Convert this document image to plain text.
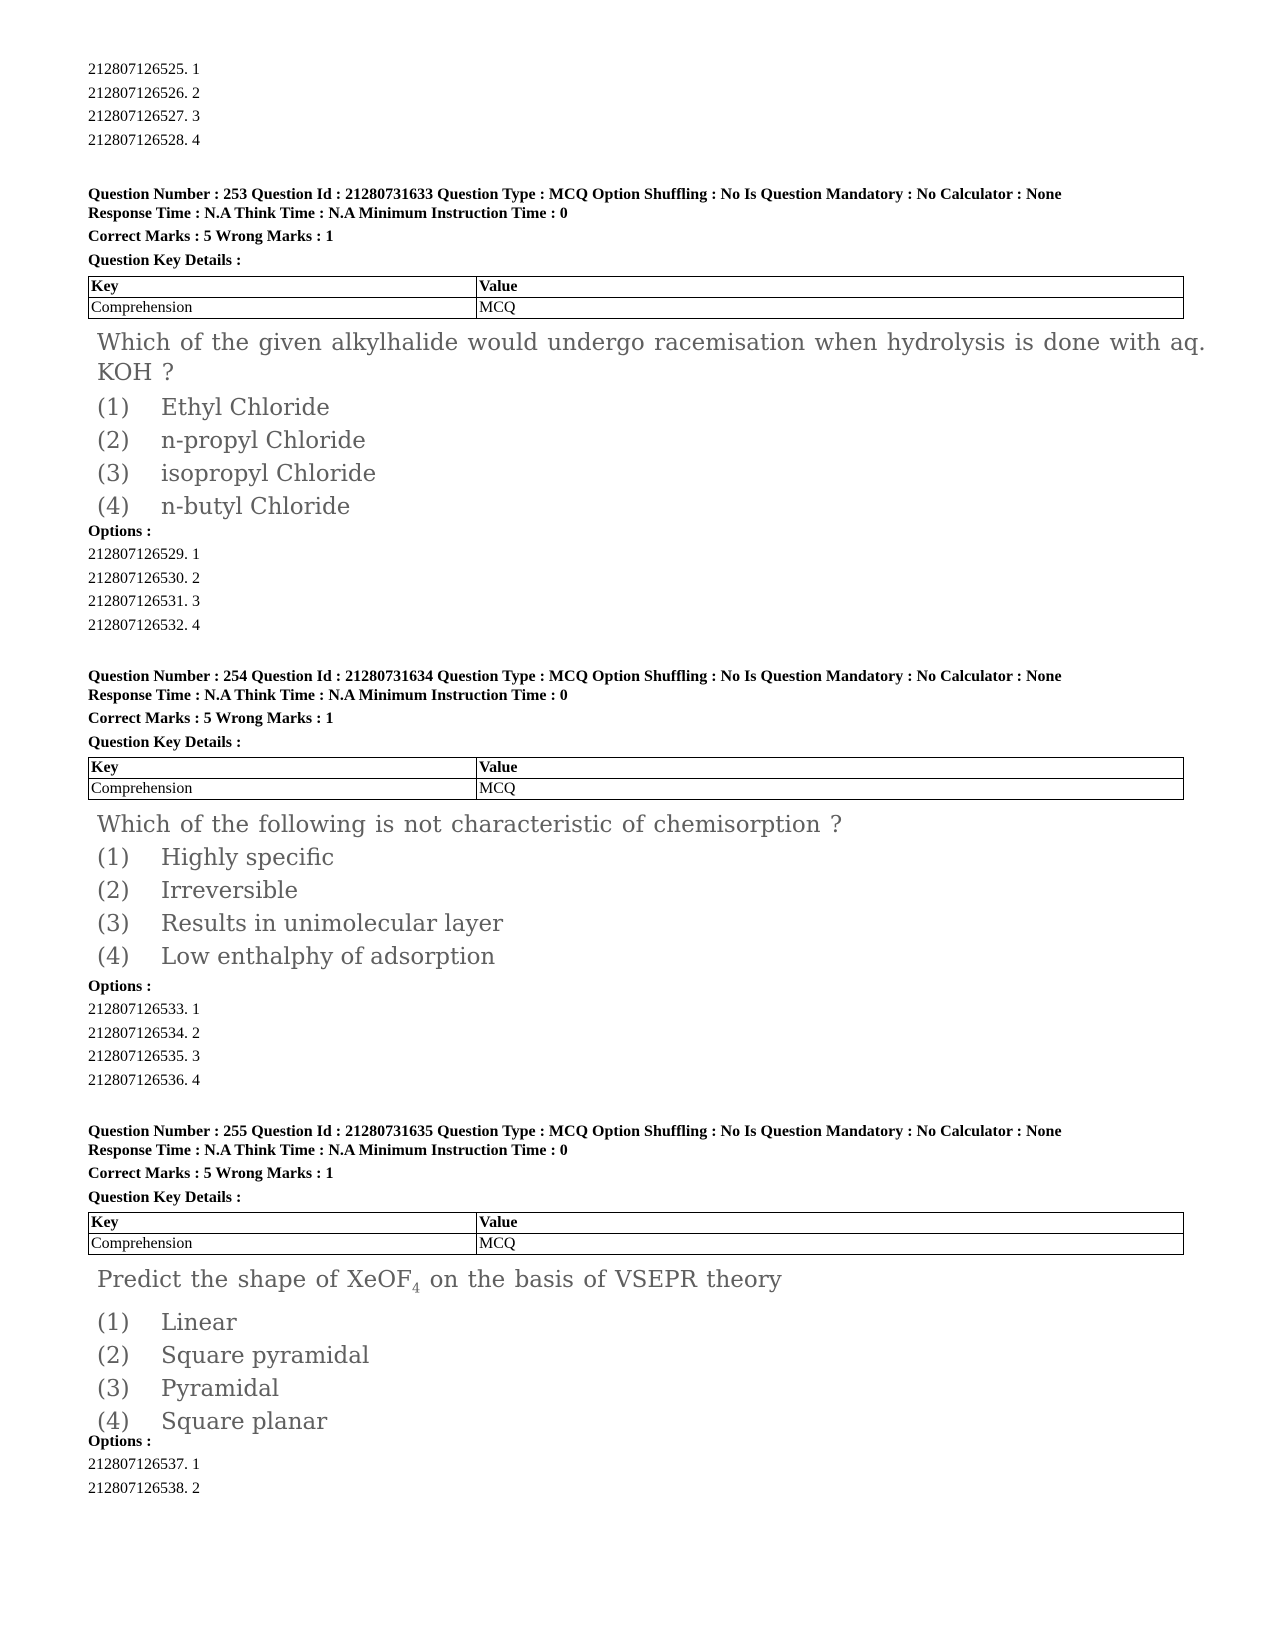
212807126525. 1
212807126526. 2
212807126527. 3
212807126528. 4
Question Number : 253 Question Id : 21280731633 Question Type : MCQ Option Shuffling : No Is Question Mandatory : No Calculator : None
Response Time : N.A Think Time : N.A Minimum Instruction Time : 0
Correct Marks : 5 Wrong Marks : 1
Question Key Details :
Key	Value
Comprehension	MCQ
Which of the given alkylhalide would undergo racemisation when hydrolysis is done with aq. KOH ?
(1) Ethyl Chloride
(2) n-propyl Chloride
(3) isopropyl Chloride
(4) n-butyl Chloride
Options :
212807126529. 1
212807126530. 2
212807126531. 3
212807126532. 4
Question Number : 254 Question Id : 21280731634 Question Type : MCQ Option Shuffling : No Is Question Mandatory : No Calculator : None
Response Time : N.A Think Time : N.A Minimum Instruction Time : 0
Correct Marks : 5 Wrong Marks : 1
Question Key Details :
Key	Value
Comprehension	MCQ
Which of the following is not characteristic of chemisorption ?
(1) Highly specific
(2) Irreversible
(3) Results in unimolecular layer
(4) Low enthalphy of adsorption
Options :
212807126533. 1
212807126534. 2
212807126535. 3
212807126536. 4
Question Number : 255 Question Id : 21280731635 Question Type : MCQ Option Shuffling : No Is Question Mandatory : No Calculator : None
Response Time : N.A Think Time : N.A Minimum Instruction Time : 0
Correct Marks : 5 Wrong Marks : 1
Question Key Details :
Key	Value
Comprehension	MCQ
Predict the shape of XeOF$_4$ on the basis of VSEPR theory
(1) Linear
(2) Square pyramidal
(3) Pyramidal
(4) Square planar
Options :
212807126537. 1
212807126538. 2
